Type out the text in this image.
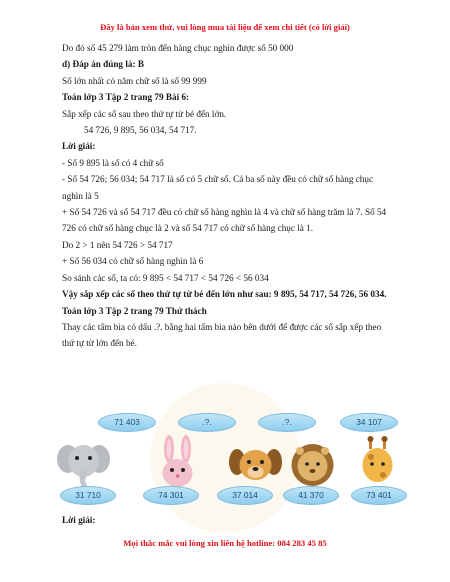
Đây là bản xem thử, vui lòng mua tài liệu để xem chi tiết (có lời giải)

Do đó số 45 279 làm tròn đến hàng chục nghìn được số 50 000

d) Đáp án đúng là: B

Số lớn nhất có năm chữ số là số 99 999

Toán lớp 3 Tập 2 trang 79 Bài 6:

Sắp xếp các số sau theo thứ tự từ bé đến lớn.

54 726, 9 895, 56 034, 54 717.

Lời giải:

- Số 9 895 là số có 4 chữ số

- Số 54 726; 56 034; 54 717 là số có 5 chữ số. Cả ba số này đều có chữ số hàng chục nghìn là 5

+ Số 54 726 và số 54 717 đều có chữ số hàng nghìn là 4 và chữ số hàng trăm là 7. Số 54 726 có chữ số hàng chục là 2 và số 54 717 có chữ số hàng chục là 1.

Do 2 > 1 nên 54 726 > 54 717

+ Số 56 034 có chữ số hàng nghìn là 6

So sánh các số, ta có: 9 895 < 54 717 < 54 726 < 56 034

Vậy sắp xếp các số theo thứ tự từ bé đến lớn như sau: 9 895, 54 717, 54 726, 56 034.

Toán lớp 3 Tập 2 trang 79 Thử thách

Thay các tấm bìa có dấu .?. bằng hai tấm bìa nào bên dưới để được các số sắp xếp theo thứ tự từ lớn đến bé.

71 403	.?.	.?.	34 107
31 710	74 301	37 014	41 370	73 401

Lời giải:

Mọi thắc mắc vui lòng xin liên hệ hotline: 084 283 45 85
